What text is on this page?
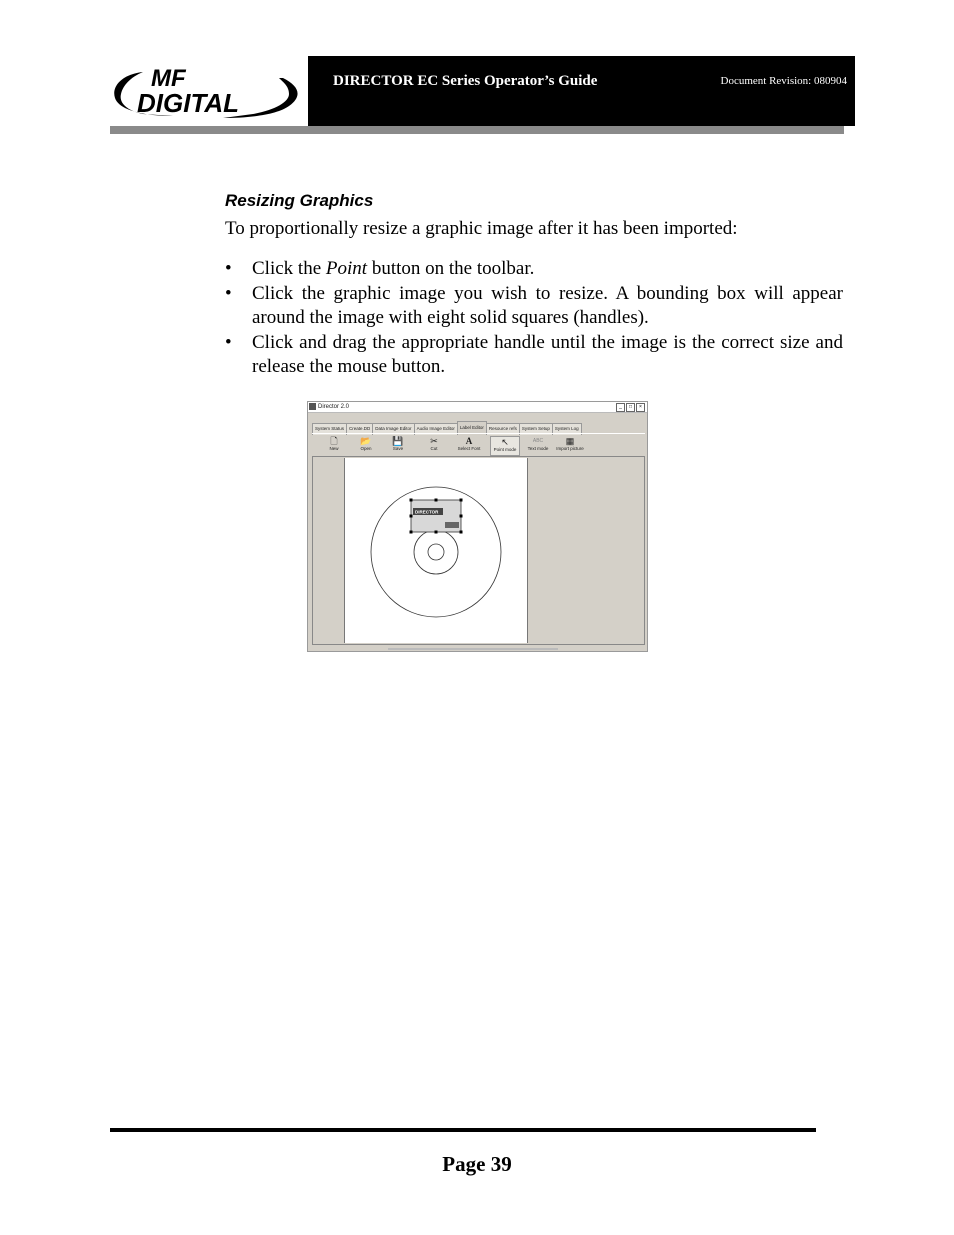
MF
DIGITAL
DIRECTOR EC Series Operator’s Guide	Document Revision: 080904
Resizing Graphics
To proportionally resize a graphic image after it has been imported:
• Click the Point button on the toolbar.
• Click the graphic image you wish to resize. A bounding box will appear around the image with eight solid squares (handles).
• Click and drag the appropriate handle until the image is the correct size and release the mouse button.
Director 2.0	_	□	×
System Status	Create.DD	Data Image Editor	Audio Image Editor	Label Editor	Resource refs	System Setup	System Log
🗋
New
📂
Open
💾
Save
✂
Cut
A
Select Font
↖
Point mode
ABC
Text mode
▦
Import picture
DIRECTOR
Page 39
